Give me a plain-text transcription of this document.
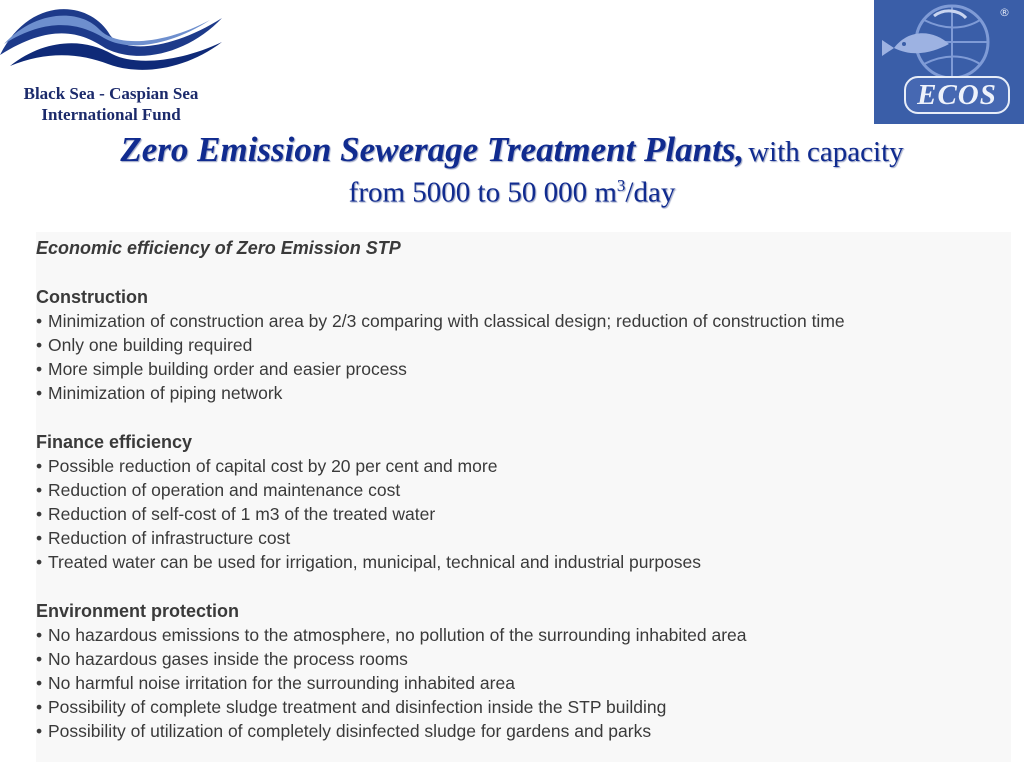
Black Sea - Caspian Sea
International Fund
®
ECOS
Zero Emission Sewerage Treatment Plants, with capacity
from 5000 to 50 000 $m^3$/day
Economic efficiency of Zero Emission STP
Construction
• Minimization of construction area by 2/3 comparing with classical design; reduction of construction time
• Only one building required
• More simple building order and easier process
• Minimization of piping network
Finance efficiency
• Possible reduction of capital cost by 20 per cent and more
• Reduction of operation and maintenance cost
• Reduction of self-cost of 1 m3 of the treated water
• Reduction of infrastructure cost
• Treated water can be used for irrigation, municipal, technical and industrial purposes
Environment protection
• No hazardous emissions to the atmosphere, no pollution of the surrounding inhabited area
• No hazardous gases inside the process rooms
• No harmful noise irritation for the surrounding inhabited area
• Possibility of complete sludge treatment and disinfection inside the STP building
• Possibility of utilization of completely disinfected sludge for gardens and parks
